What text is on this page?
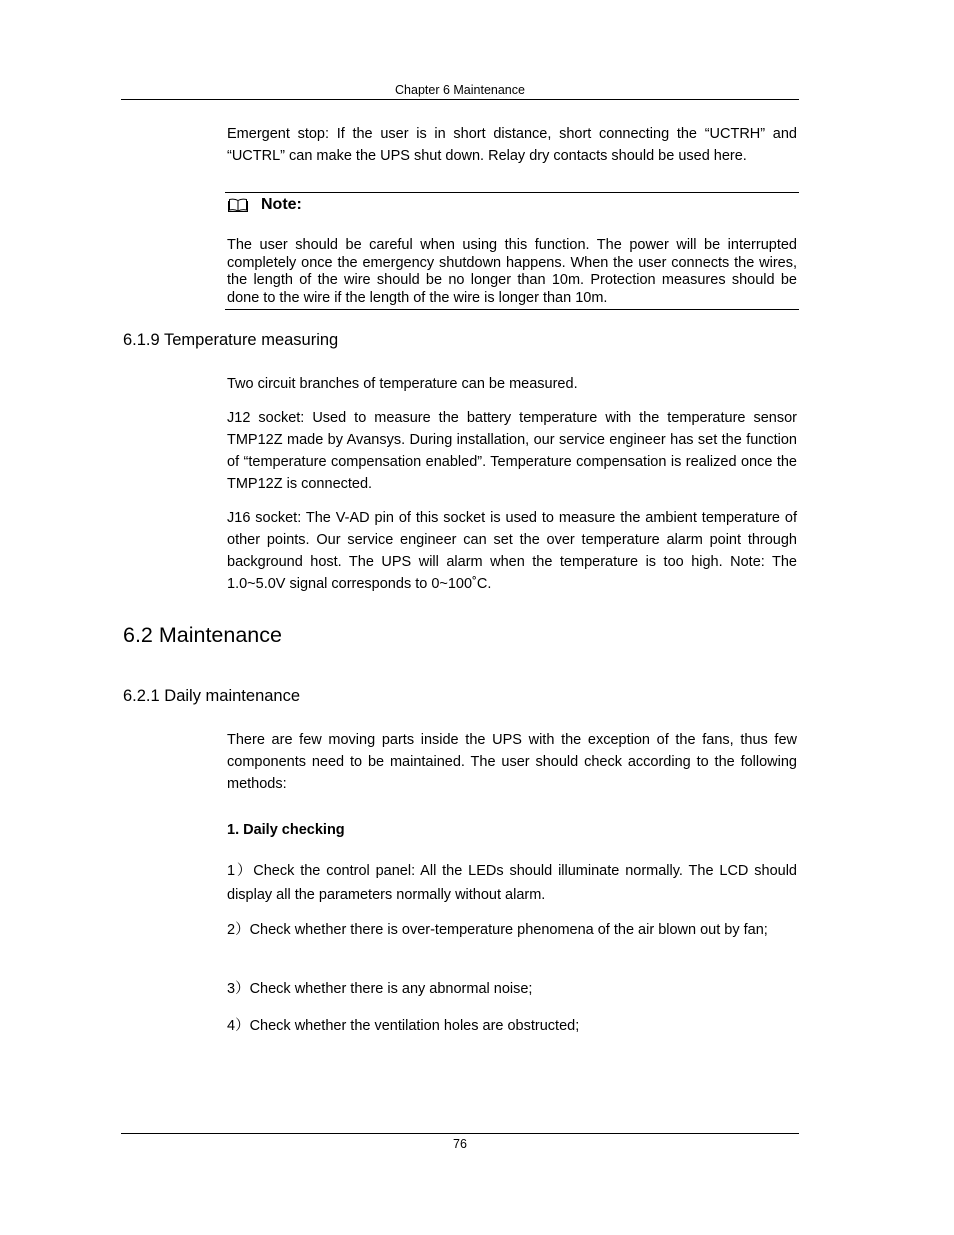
Chapter 6 Maintenance

Emergent stop: If the user is in short distance, short connecting the “UCTRH” and “UCTRL” can make the UPS shut down. Relay dry contacts should be used here.

Note:

The user should be careful when using this function. The power will be interrupted completely once the emergency shutdown happens. When the user connects the wires, the length of the wire should be no longer than 10m. Protection measures should be done to the wire if the length of the wire is longer than 10m.

6.1.9 Temperature measuring

Two circuit branches of temperature can be measured.

J12 socket: Used to measure the battery temperature with the temperature sensor TMP12Z made by Avansys. During installation, our service engineer has set the function of “temperature compensation enabled”. Temperature compensation is realized once the TMP12Z is connected.

J16 socket: The V-AD pin of this socket is used to measure the ambient temperature of other points. Our service engineer can set the over temperature alarm point through background host. The UPS will alarm when the temperature is too high. Note: The 1.0~5.0V signal corresponds to 0~100˚C.

6.2 Maintenance
6.2.1 Daily maintenance

There are few moving parts inside the UPS with the exception of the fans, thus few components need to be maintained. The user should check according to the following methods:

1. Daily checking

1）Check the control panel: All the LEDs should illuminate normally. The LCD should display all the parameters normally without alarm.

2）Check whether there is over-temperature phenomena of the air blown out by fan;

3）Check whether there is any abnormal noise;

4）Check whether the ventilation holes are obstructed;

76
